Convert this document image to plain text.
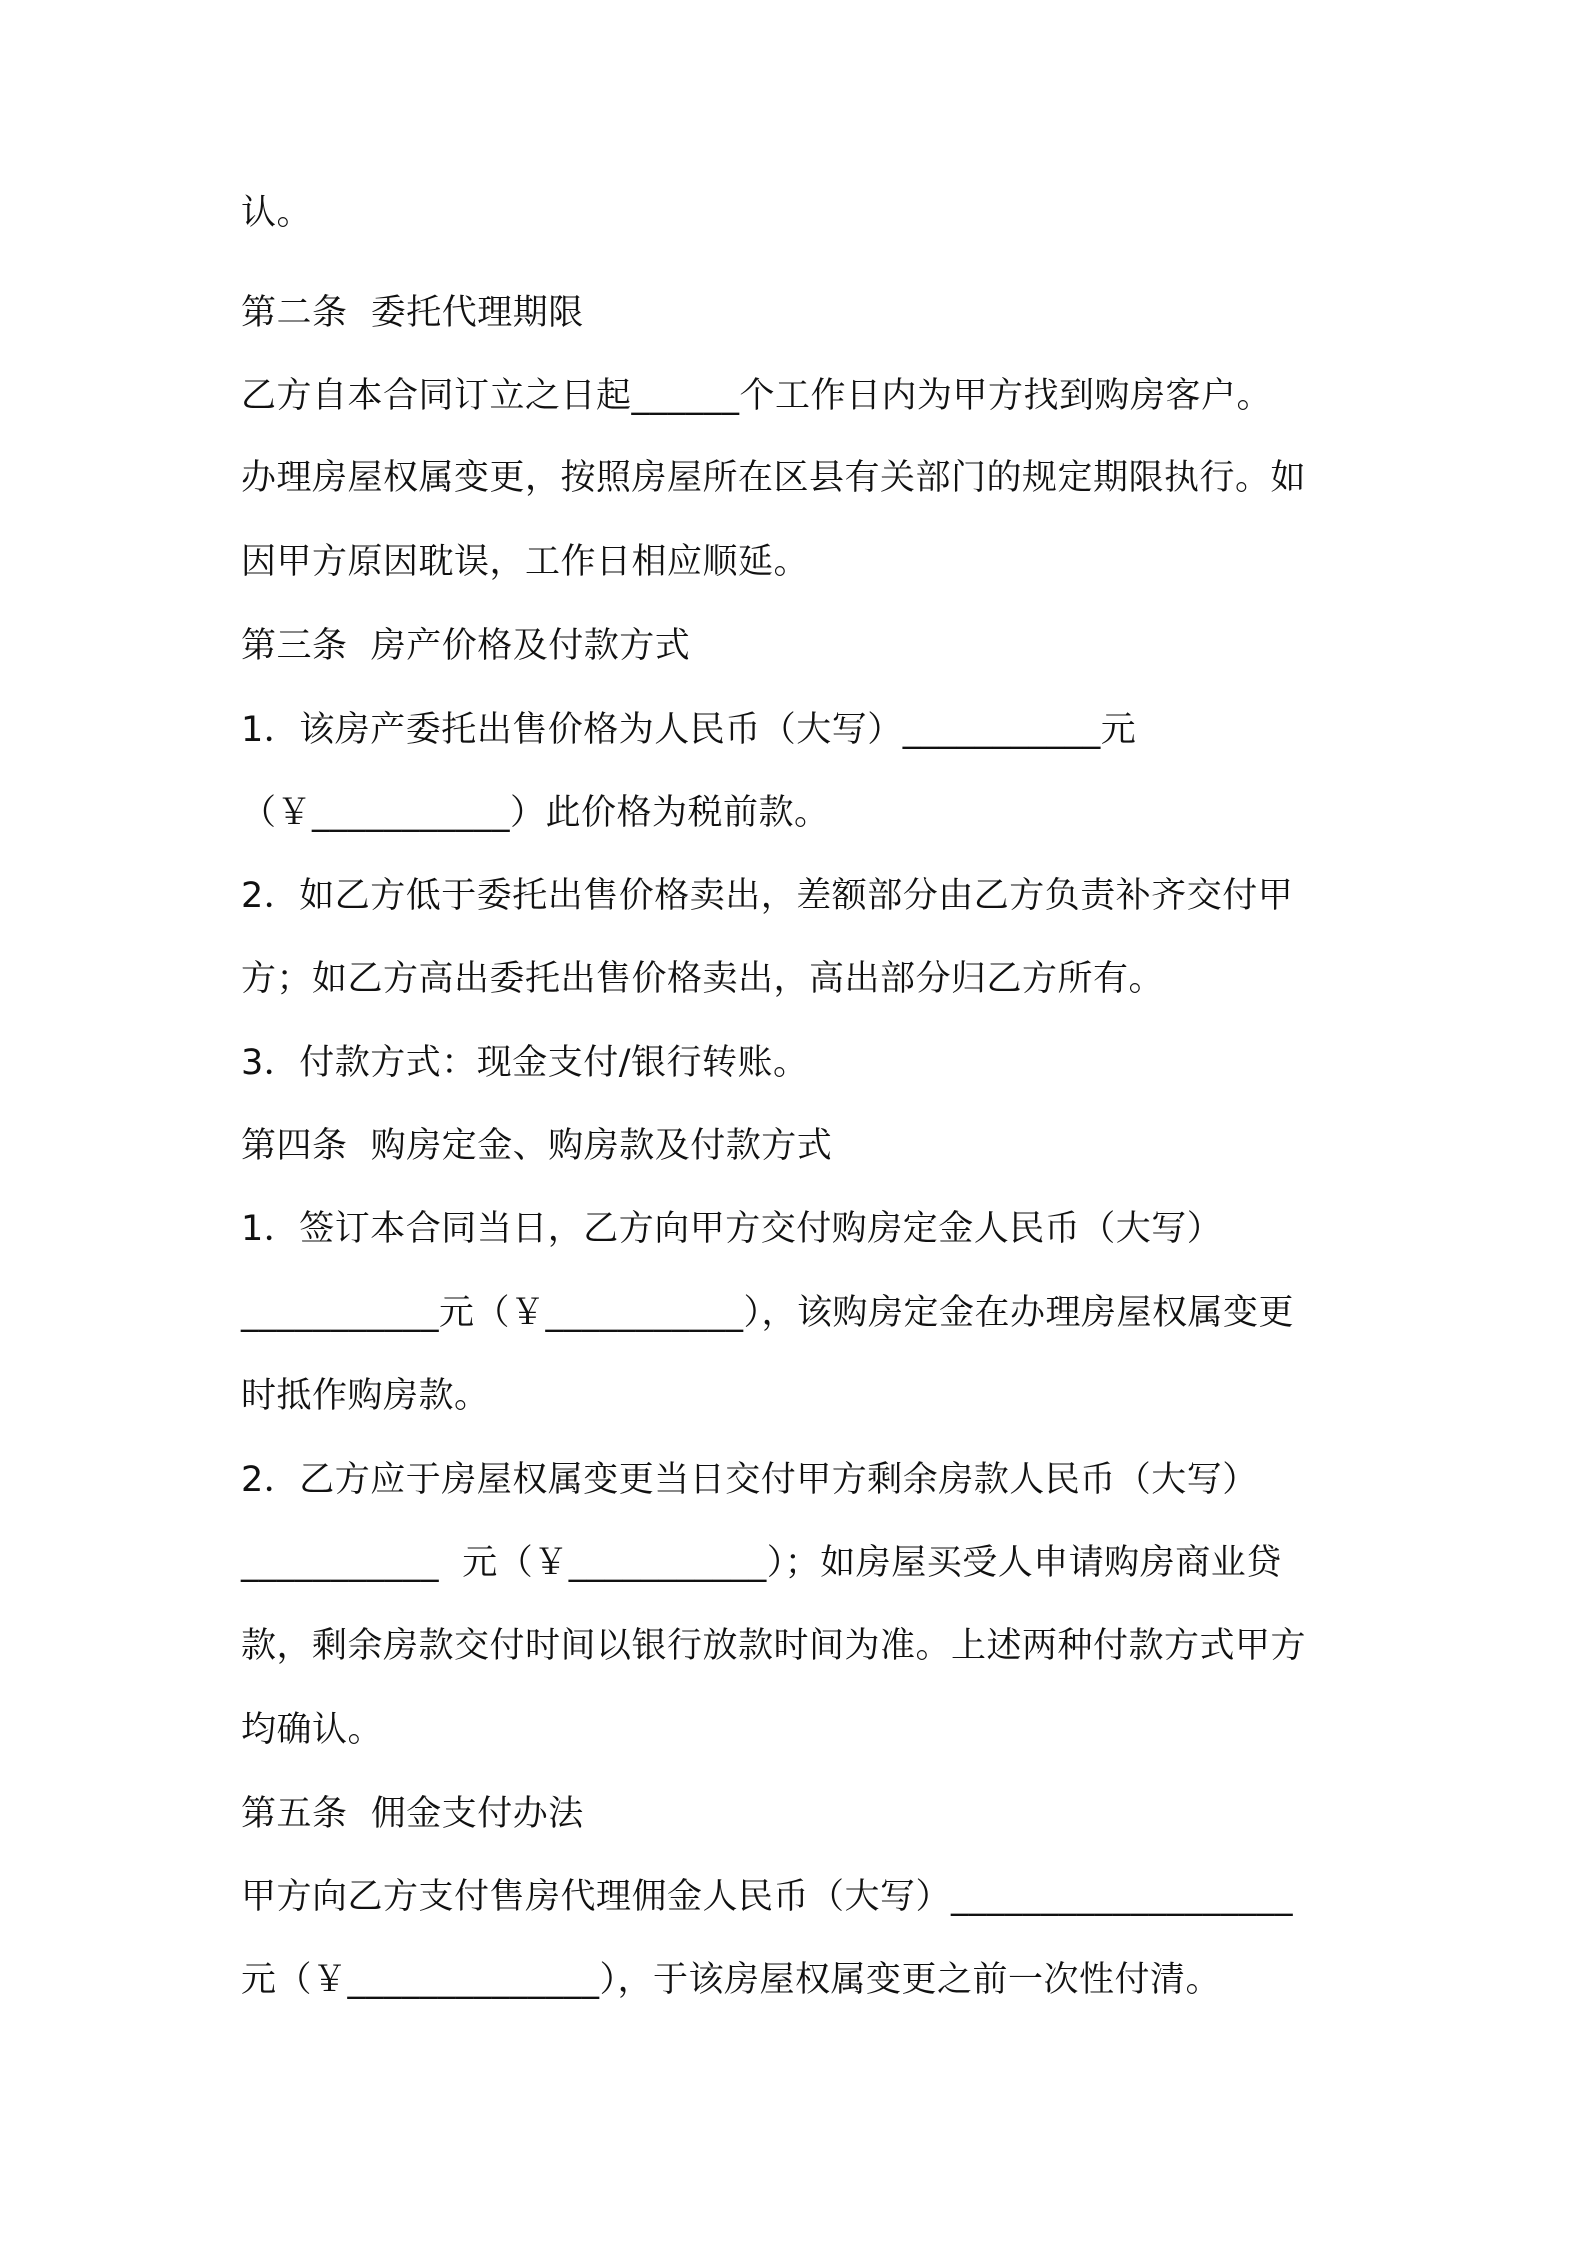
认。
第二条  委托代理期限
乙方自本合同订立之日起______个工作日内为甲方找到购房客户。
办理房屋权属变更，按照房屋所在区县有关部门的规定期限执行。如
因甲方原因耽误，工作日相应顺延。
第三条  房产价格及付款方式
1．该房产委托出售价格为人民币（大写）___________元
（￥___________）此价格为税前款。
2．如乙方低于委托出售价格卖出，差额部分由乙方负责补齐交付甲
方；如乙方高出委托出售价格卖出，高出部分归乙方所有。
3．付款方式：现金支付/银行转账。
第四条  购房定金、购房款及付款方式
1．签订本合同当日，乙方向甲方交付购房定金人民币（大写）
___________元（￥___________），该购房定金在办理房屋权属变更
时抵作购房款。
2．乙方应于房屋权属变更当日交付甲方剩余房款人民币（大写）
___________  元（￥___________）；如房屋买受人申请购房商业贷
款，剩余房款交付时间以银行放款时间为准。上述两种付款方式甲方
均确认。
第五条  佣金支付办法
甲方向乙方支付售房代理佣金人民币（大写）___________________
元（￥______________），于该房屋权属变更之前一次性付清。
